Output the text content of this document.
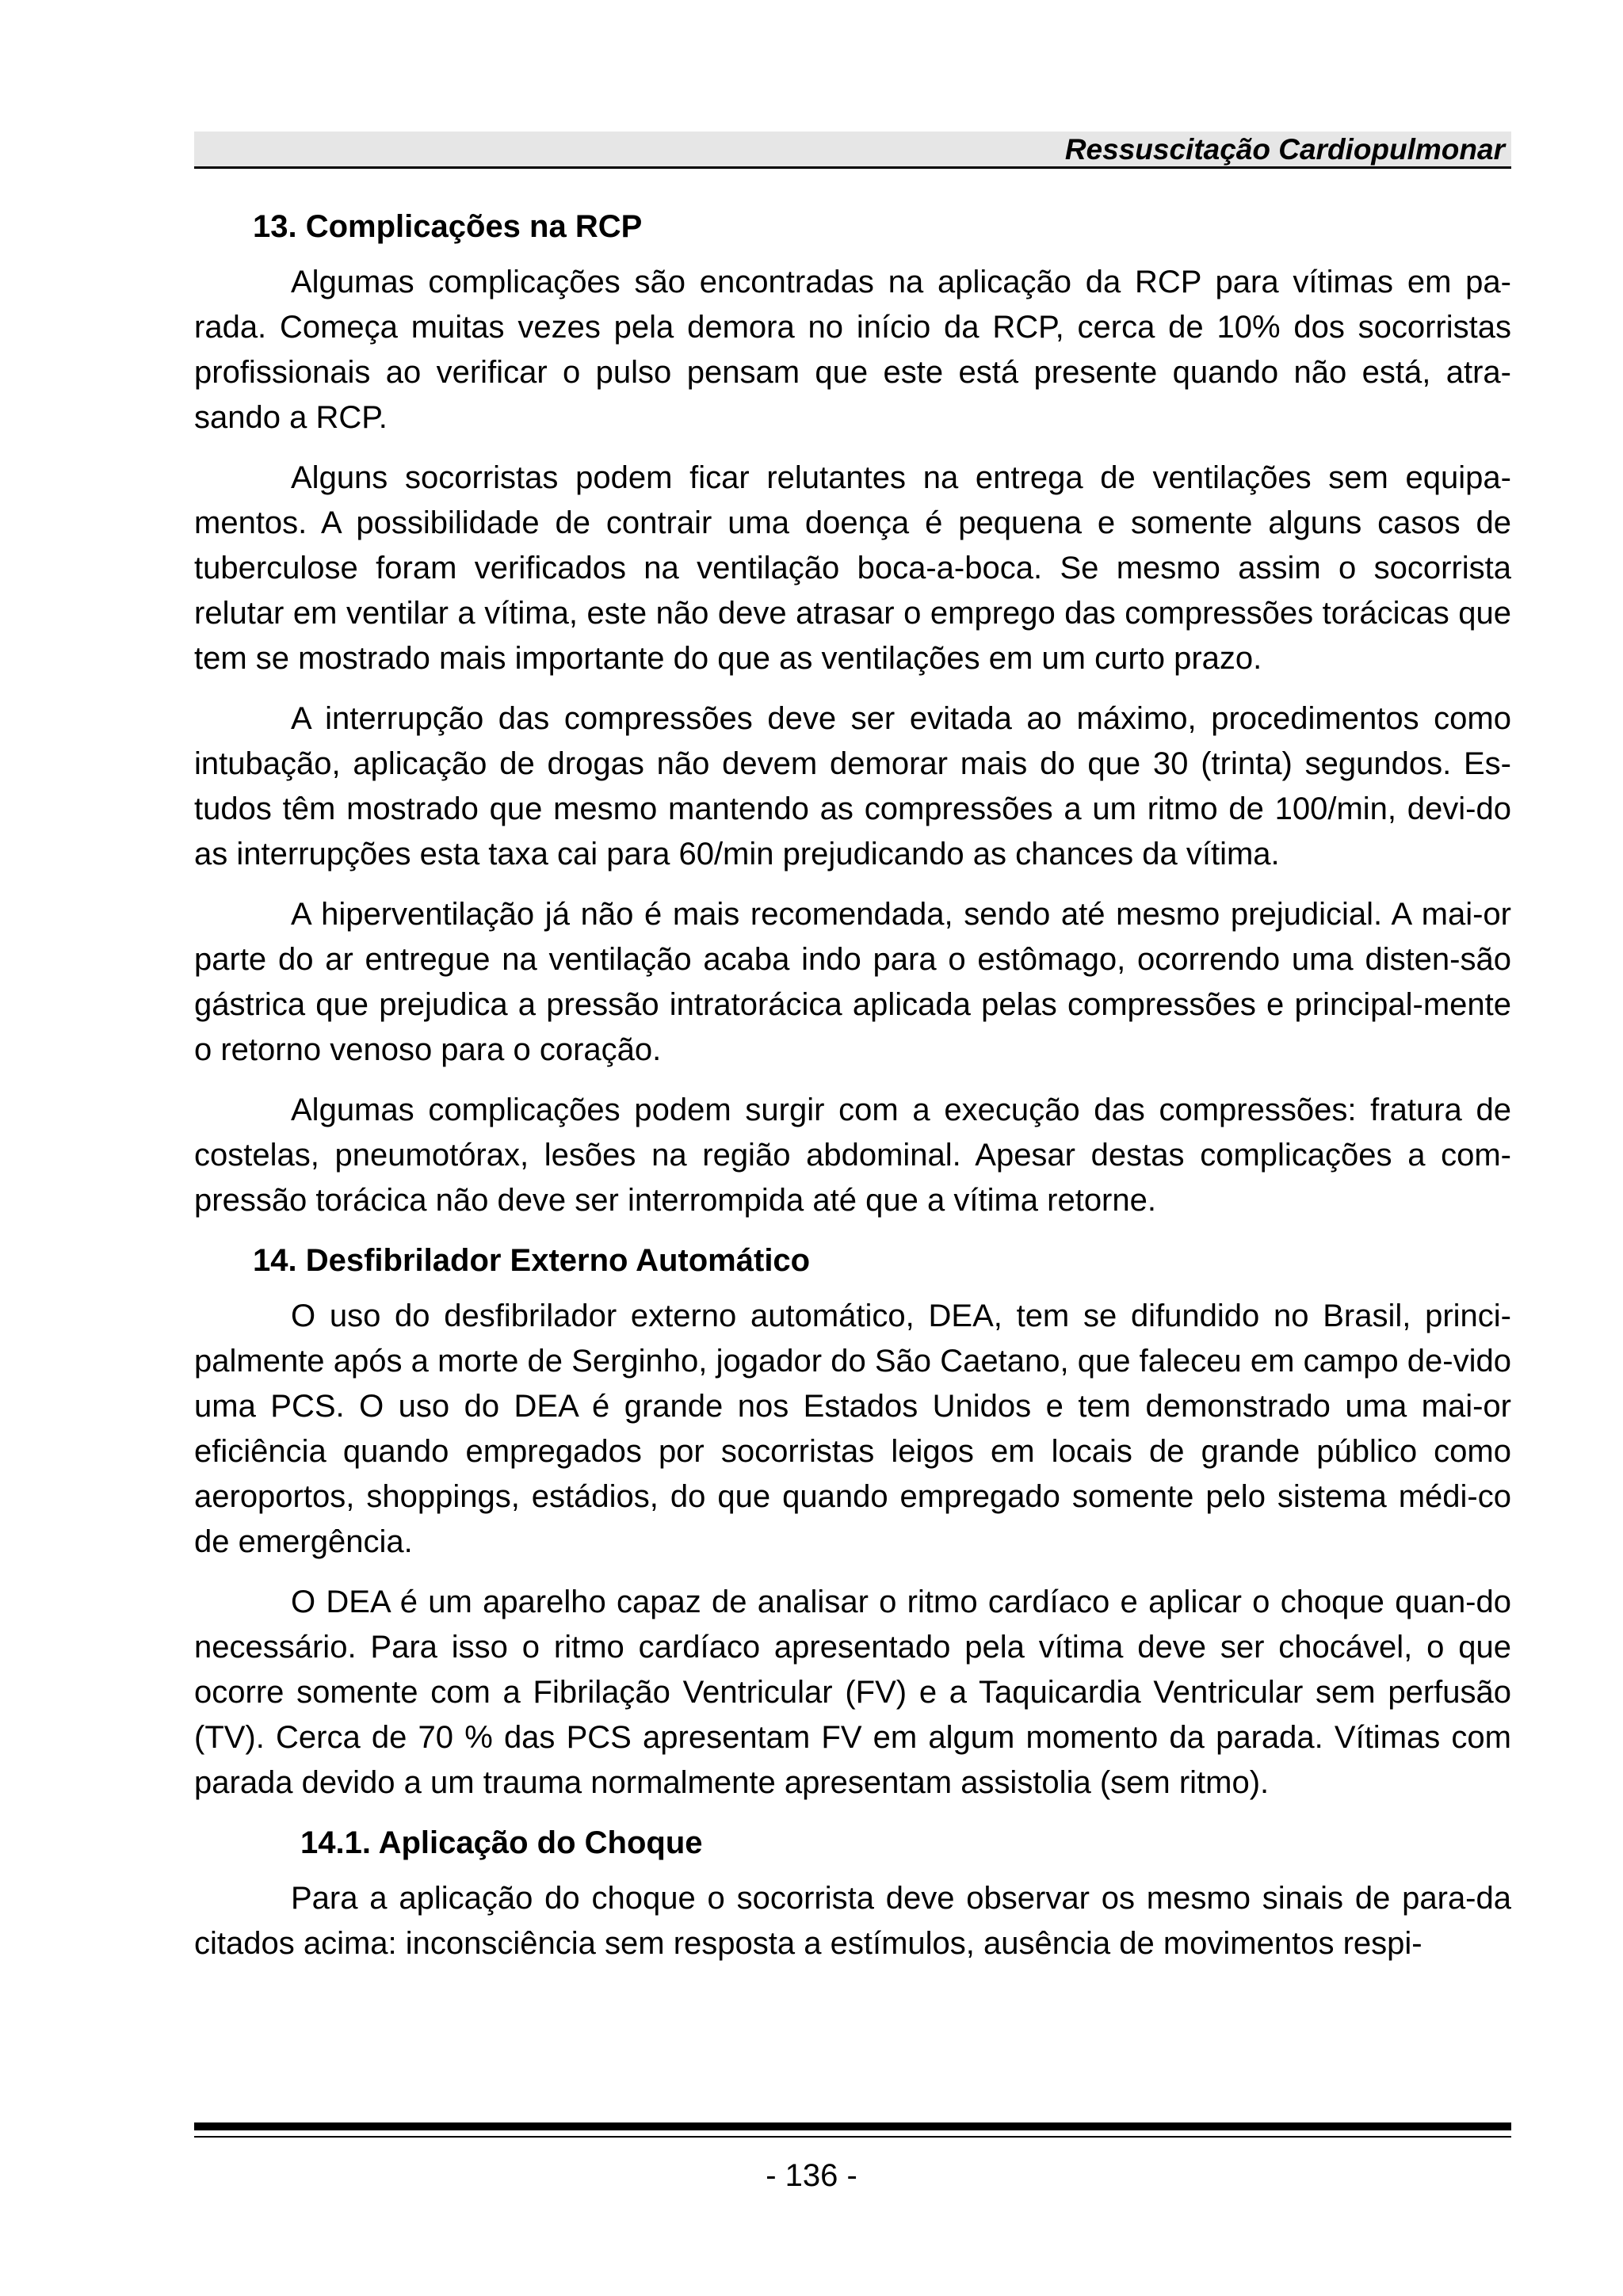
Ressuscitação Cardiopulmonar
13. Complicações na RCP

Algumas complicações são encontradas na aplicação da RCP para vítimas em pa-rada. Começa muitas vezes pela demora no início da RCP, cerca de 10% dos socorristas profissionais ao verificar o pulso pensam que este está presente quando não está, atra-sando a RCP.

Alguns socorristas podem ficar relutantes na entrega de ventilações sem equipa-mentos. A possibilidade de contrair uma doença é pequena e somente alguns casos de tuberculose foram verificados na ventilação boca-a-boca. Se mesmo assim o socorrista relutar em ventilar a vítima, este não deve atrasar o emprego das compressões torácicas que tem se mostrado mais importante do que as ventilações em um curto prazo.

A interrupção das compressões deve ser evitada ao máximo, procedimentos como intubação, aplicação de drogas não devem demorar mais do que 30 (trinta) segundos. Es-tudos têm mostrado que mesmo mantendo as compressões a um ritmo de 100/min, devi-do as interrupções esta taxa cai para 60/min prejudicando as chances da vítima.

A hiperventilação já não é mais recomendada, sendo até mesmo prejudicial. A mai-or parte do ar entregue na ventilação acaba indo para o estômago, ocorrendo uma disten-são gástrica que prejudica a pressão intratorácica aplicada pelas compressões e principal-mente o retorno venoso para o coração.

Algumas complicações podem surgir com a execução das compressões: fratura de costelas, pneumotórax, lesões na região abdominal. Apesar destas complicações a com-pressão torácica não deve ser interrompida até que a vítima retorne.

14. Desfibrilador Externo Automático

O uso do desfibrilador externo automático, DEA, tem se difundido no Brasil, princi-palmente após a morte de Serginho, jogador do São Caetano, que faleceu em campo de-vido uma PCS. O uso do DEA é grande nos Estados Unidos e tem demonstrado uma mai-or eficiência quando empregados por socorristas leigos em locais de grande público como aeroportos, shoppings, estádios, do que quando empregado somente pelo sistema médi-co de emergência.

O DEA é um aparelho capaz de analisar o ritmo cardíaco e aplicar o choque quan-do necessário. Para isso o ritmo cardíaco apresentado pela vítima deve ser chocável, o que ocorre somente com a Fibrilação Ventricular (FV) e a Taquicardia Ventricular sem perfusão (TV). Cerca de 70 % das PCS apresentam FV em algum momento da parada. Vítimas com parada devido a um trauma normalmente apresentam assistolia (sem ritmo).

14.1. Aplicação do Choque

Para a aplicação do choque o socorrista deve observar os mesmo sinais de para-da citados acima: inconsciência sem resposta a estímulos, ausência de movimentos respi-

- 136 -
